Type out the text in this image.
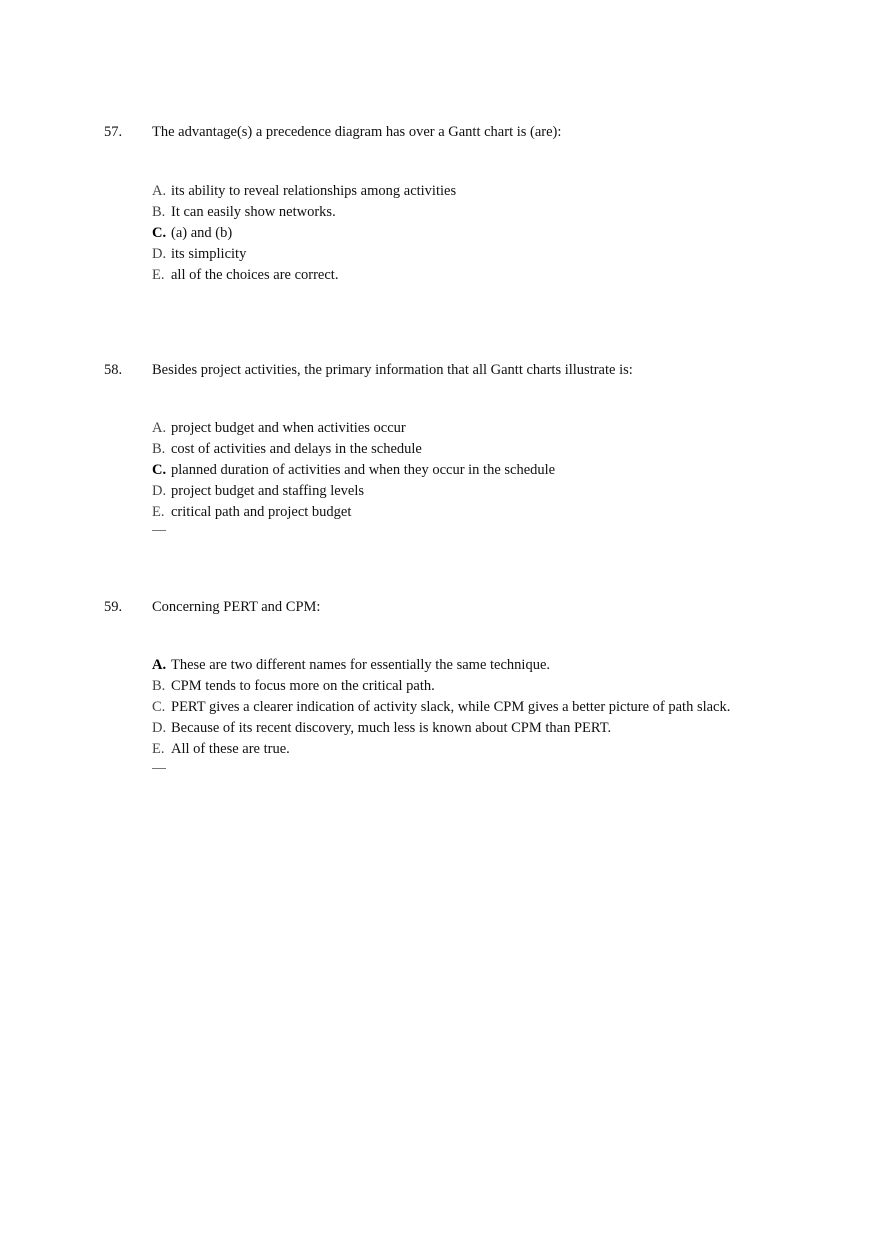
57. The advantage(s) a precedence diagram has over a Gantt chart is (are):
A. its ability to reveal relationships among activities
B. It can easily show networks.
C. (a) and (b)
D. its simplicity
E. all of the choices are correct.
58. Besides project activities, the primary information that all Gantt charts illustrate is:
A. project budget and when activities occur
B. cost of activities and delays in the schedule
C. planned duration of activities and when they occur in the schedule
D. project budget and staffing levels
E. critical path and project budget
59. Concerning PERT and CPM:
A. These are two different names for essentially the same technique.
B. CPM tends to focus more on the critical path.
C. PERT gives a clearer indication of activity slack, while CPM gives a better picture of path slack.
D. Because of its recent discovery, much less is known about CPM than PERT.
E. All of these are true.
